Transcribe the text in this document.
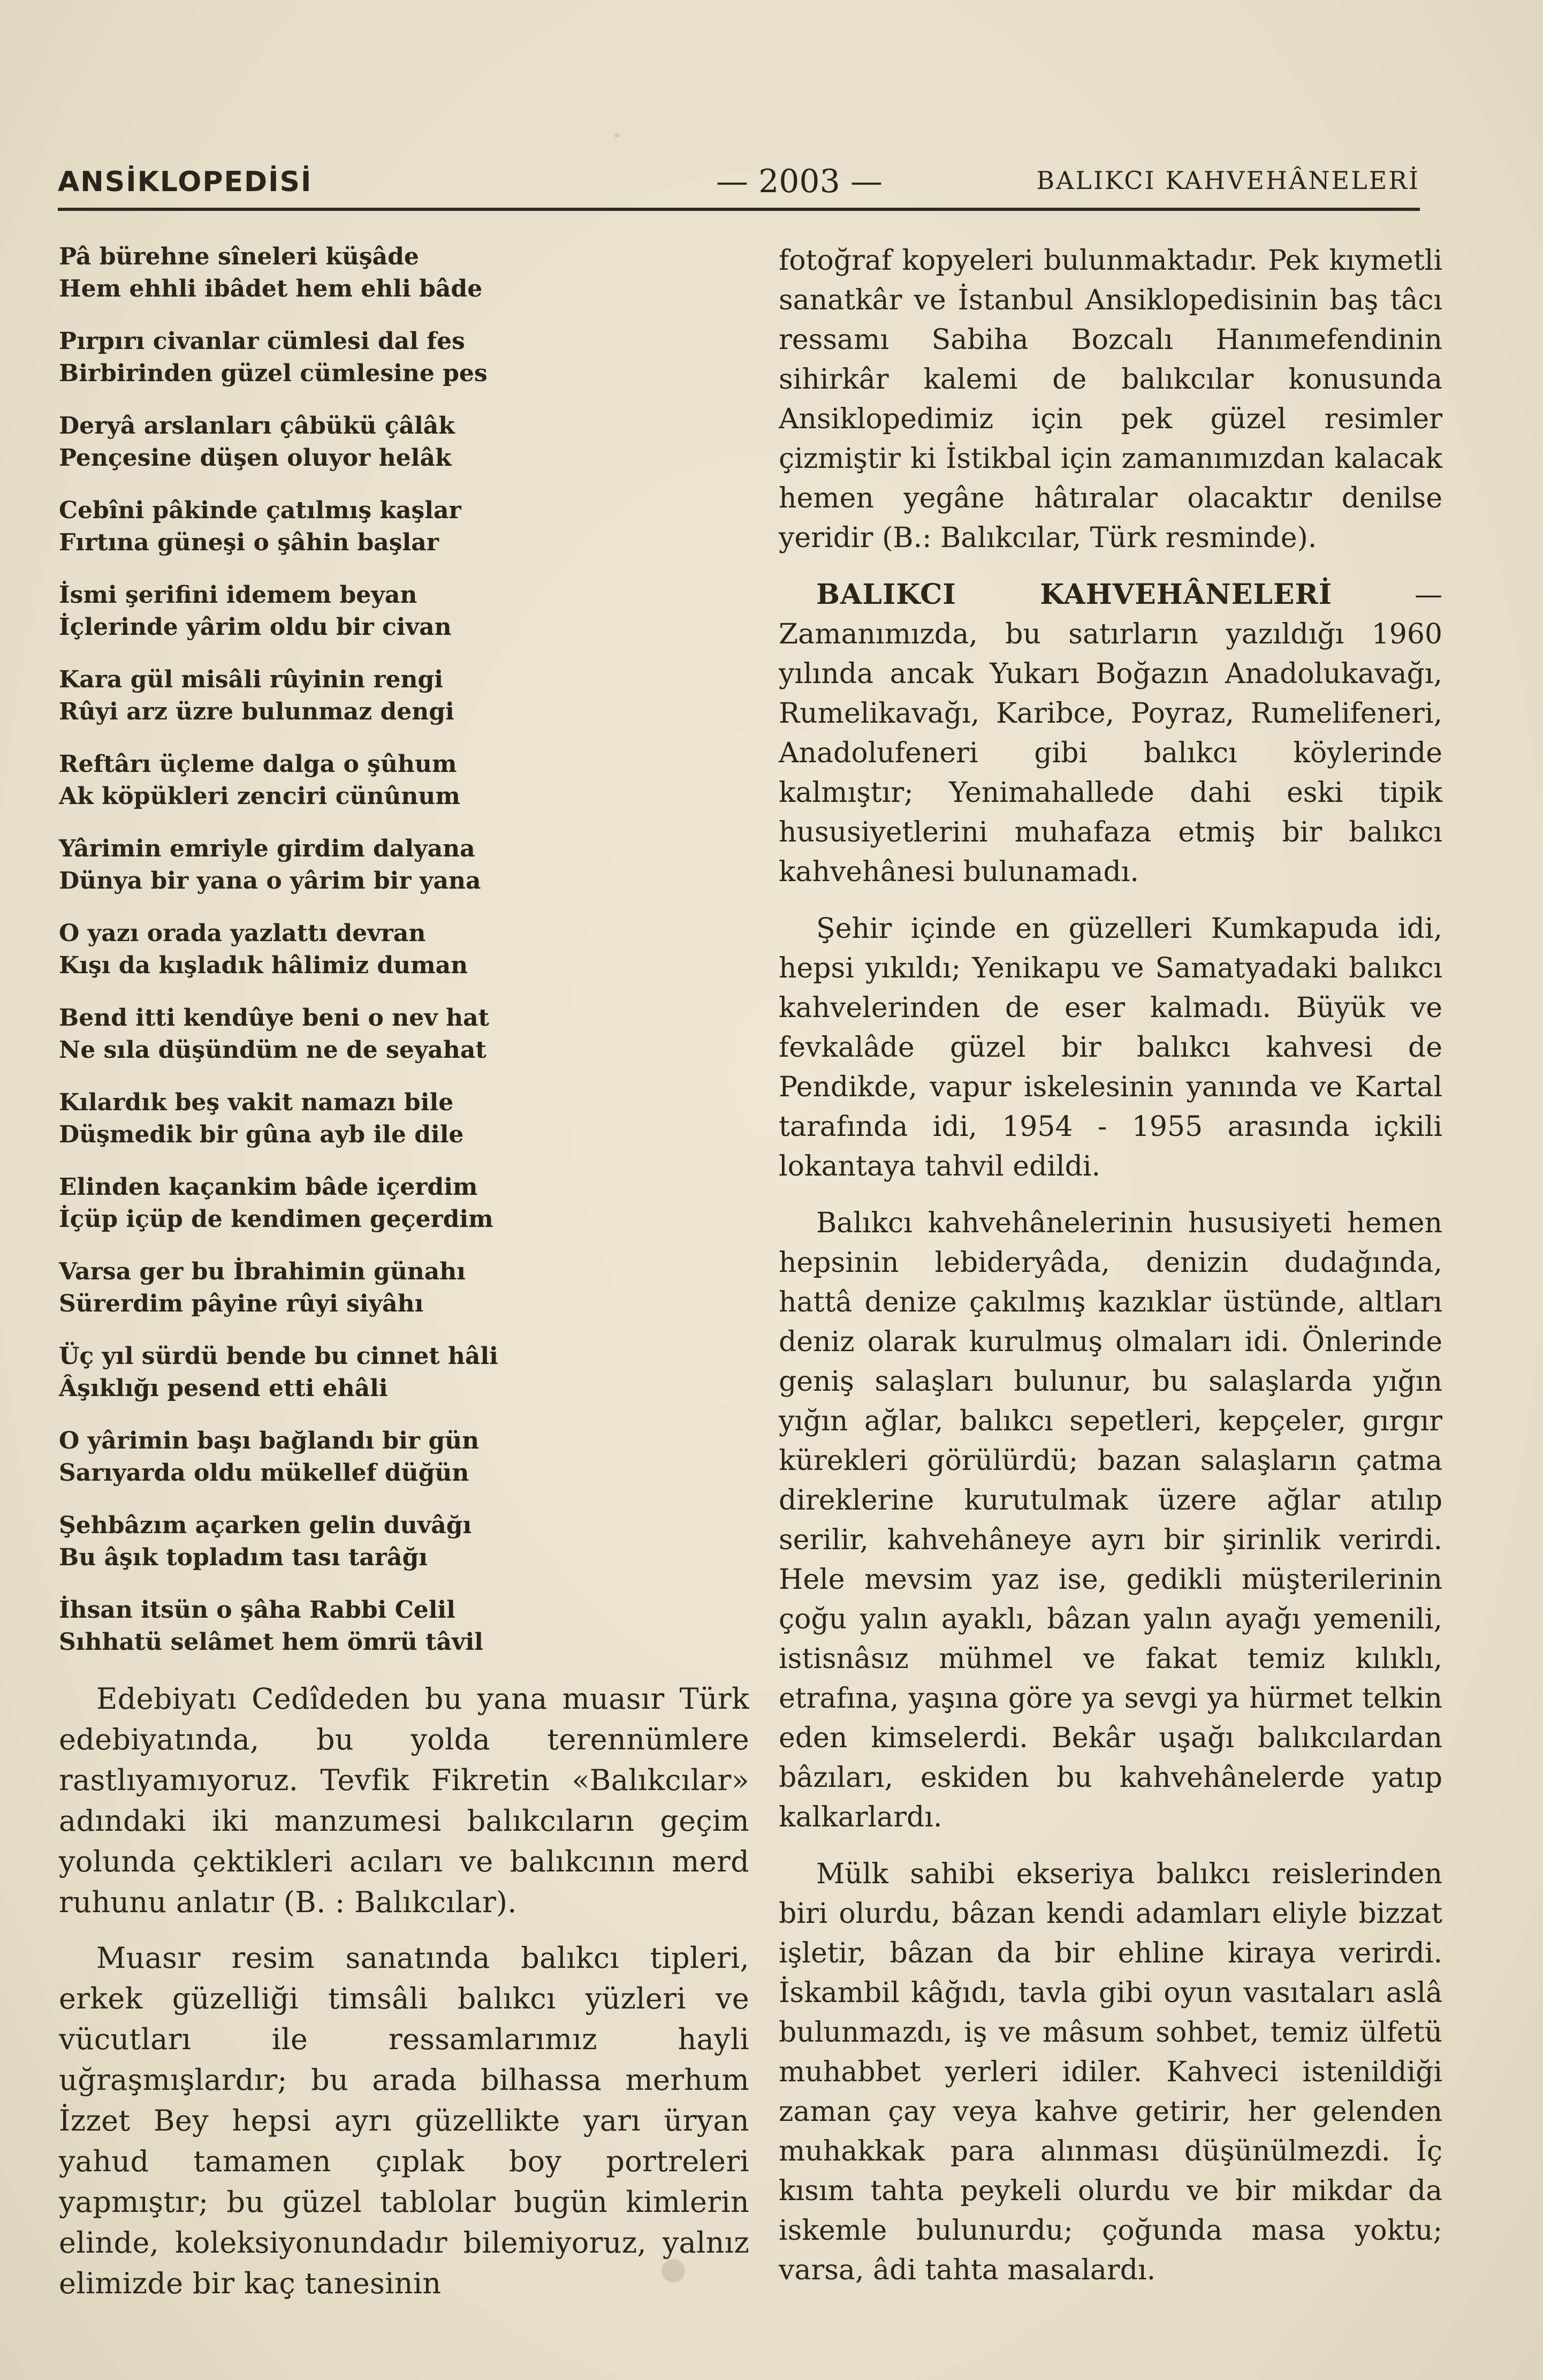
ANSİKLOPEDİSİ	— 2003 —	BALIKCI KAHVEHÂNELERİ
Pâ bürehne sîneleri küşâde
Hem ehhli ibâdet hem ehli bâde
Pırpırı civanlar cümlesi dal fes
Birbirinden güzel cümlesine pes
Deryâ arslanları çâbükü çâlâk
Pençesine düşen oluyor helâk
Cebîni pâkinde çatılmış kaşlar
Fırtına güneşi o şâhin başlar
İsmi şerifini idemem beyan
İçlerinde yârim oldu bir civan
Kara gül misâli rûyinin rengi
Rûyi arz üzre bulunmaz dengi
Reftârı üçleme dalga o şûhum
Ak köpükleri zenciri cünûnum
Yârimin emriyle girdim dalyana
Dünya bir yana o yârim bir yana
O yazı orada yazlattı devran
Kışı da kışladık hâlimiz duman
Bend itti kendûye beni o nev hat
Ne sıla düşündüm ne de seyahat
Kılardık beş vakit namazı bile
Düşmedik bir gûna ayb ile dile
Elinden kaçankim bâde içerdim
İçüp içüp de kendimen geçerdim
Varsa ger bu İbrahimin günahı
Sürerdim pâyine rûyi siyâhı
Üç yıl sürdü bende bu cinnet hâli
Âşıklığı pesend etti ehâli
O yârimin başı bağlandı bir gün
Sarıyarda oldu mükellef düğün
Şehbâzım açarken gelin duvâğı
Bu âşık topladım tası tarâğı
İhsan itsün o şâha Rabbi Celil
Sıhhatü selâmet hem ömrü tâvil

Edebiyatı Cedîdeden bu yana muasır Türk edebiyatında, bu yolda terennümlere rastlıyamıyoruz. Tevfik Fikretin «Balıkcılar» adındaki iki manzumesi balıkcıların geçim yolunda çektikleri acıları ve balıkcının merd ruhunu anlatır (B. : Balıkcılar).

Muasır resim sanatında balıkcı tipleri, erkek güzelliği timsâli balıkcı yüzleri ve vücutları ile ressamlarımız hayli uğraşmışlardır; bu arada bilhassa merhum İzzet Bey hepsi ayrı güzellikte yarı üryan yahud tamamen çıplak boy portreleri yapmıştır; bu güzel tablolar bugün kimlerin elinde, koleksiyonundadır bilemiyoruz, yalnız elimizde bir kaç tanesinin

fotoğraf kopyeleri bulunmaktadır. Pek kıymetli sanatkâr ve İstanbul Ansiklopedisinin baş tâcı ressamı Sabiha Bozcalı Hanımefendinin sihirkâr kalemi de balıkcılar konusunda Ansiklopedimiz için pek güzel resimler çizmiştir ki İstikbal için zamanımızdan kalacak hemen yegâne hâtıralar olacaktır denilse yeridir (B.: Balıkcılar, Türk resminde).

BALIKCI KAHVEHÂNELERİ	— Zamanımızda, bu satırların yazıldığı 1960 yılında ancak Yukarı Boğazın Anadolukavağı, Rumelikavağı, Karibce, Poyraz, Rumelifeneri, Anadolufeneri gibi balıkcı köylerinde kalmıştır; Yenimahallede dahi eski tipik hususiyetlerini muhafaza etmiş bir balıkcı kahvehânesi bulunamadı.

Şehir içinde en güzelleri Kumkapuda idi, hepsi yıkıldı; Yenikapu ve Samatyadaki balıkcı kahvelerinden de eser kalmadı. Büyük ve fevkalâde güzel bir balıkcı kahvesi de Pendikde, vapur iskelesinin yanında ve Kartal tarafında idi, 1954 - 1955 arasında içkili lokantaya tahvil edildi.

Balıkcı kahvehânelerinin hususiyeti hemen hepsinin lebideryâda, denizin dudağında, hattâ denize çakılmış kazıklar üstünde, altları deniz olarak kurulmuş olmaları idi. Önlerinde geniş salaşları bulunur, bu salaşlarda yığın yığın ağlar, balıkcı sepetleri, kepçeler, gırgır kürekleri görülürdü; bazan salaşların çatma direklerine kurutulmak üzere ağlar atılıp serilir, kahvehâneye ayrı bir şirinlik verirdi. Hele mevsim yaz ise, gedikli müşterilerinin çoğu yalın ayaklı, bâzan yalın ayağı yemenili, istisnâsız mühmel ve fakat temiz kılıklı, etrafına, yaşına göre ya sevgi ya hürmet telkin eden kimselerdi. Bekâr uşağı balıkcılardan bâzıları, eskiden bu kahvehânelerde yatıp kalkarlardı.

Mülk sahibi ekseriya balıkcı reislerinden biri olurdu, bâzan kendi adamları eliyle bizzat işletir, bâzan da bir ehline kiraya verirdi. İskambil kâğıdı, tavla gibi oyun vasıtaları aslâ bulunmazdı, iş ve mâsum sohbet, temiz ülfetü muhabbet yerleri idiler. Kahveci istenildiği zaman çay veya kahve getirir, her gelenden muhakkak para alınması düşünülmezdi. İç kısım tahta peykeli olurdu ve bir mikdar da iskemle bulunurdu; çoğunda masa yoktu; varsa, âdi tahta masalardı.
